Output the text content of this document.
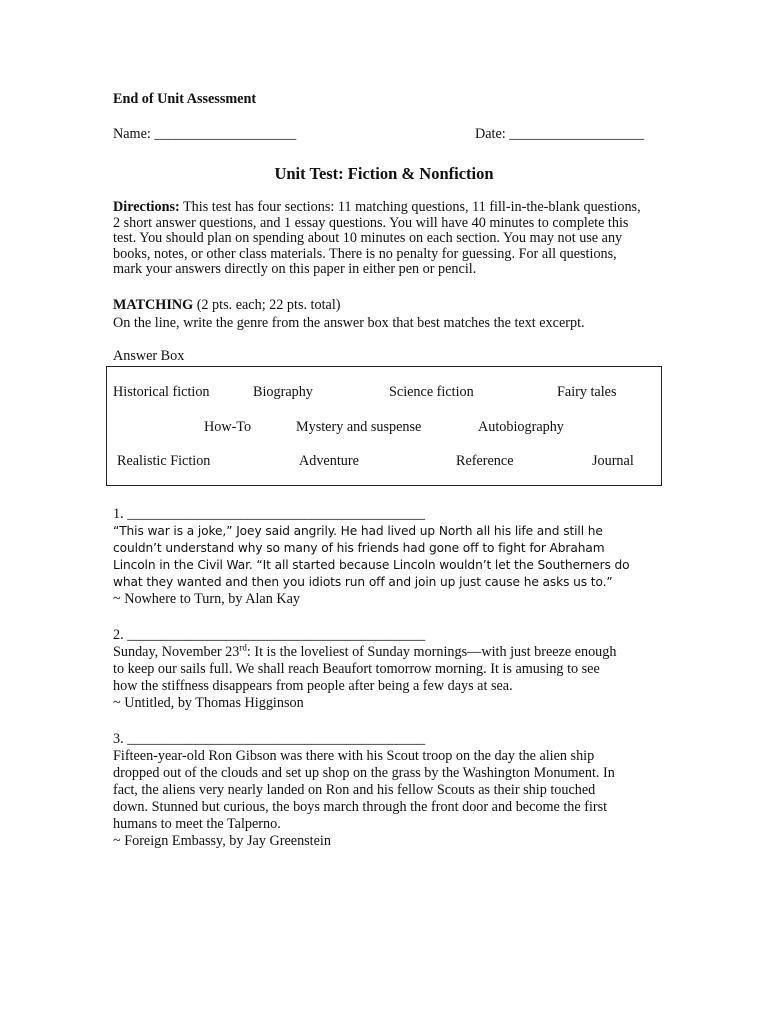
End of Unit Assessment
Name: ____________________	Date: ___________________
Unit Test: Fiction & Nonfiction
Directions: This test has four sections: 11 matching questions, 11 fill-in-the-blank questions, 2 short answer questions, and 1 essay questions. You will have 40 minutes to complete this test. You should plan on spending about 10 minutes on each section. You may not use any books, notes, or other class materials. There is no penalty for guessing. For all questions, mark your answers directly on this paper in either pen or pencil.
MATCHING (2 pts. each; 22 pts. total)
On the line, write the genre from the answer box that best matches the text excerpt.
Answer Box
Historical fiction	Biography	Science fiction	Fairy tales
How-To	Mystery and suspense	Autobiography
Realistic Fiction	Adventure	Reference	Journal
1. __________________________________________
“This war is a joke,” Joey said angrily. He had lived up North all his life and still he
couldn’t understand why so many of his friends had gone off to fight for Abraham
Lincoln in the Civil War. “It all started because Lincoln wouldn’t let the Southerners do
what they wanted and then you idiots run off and join up just cause he asks us to.”
~ Nowhere to Turn, by Alan Kay
2. __________________________________________
Sunday, November 23rd: It is the loveliest of Sunday mornings—with just breeze enough
to keep our sails full. We shall reach Beaufort tomorrow morning. It is amusing to see
how the stiffness disappears from people after being a few days at sea.
~ Untitled, by Thomas Higginson
3. __________________________________________
Fifteen-year-old Ron Gibson was there with his Scout troop on the day the alien ship
dropped out of the clouds and set up shop on the grass by the Washington Monument. In
fact, the aliens very nearly landed on Ron and his fellow Scouts as their ship touched
down. Stunned but curious, the boys march through the front door and become the first
humans to meet the Talperno.
~ Foreign Embassy, by Jay Greenstein
